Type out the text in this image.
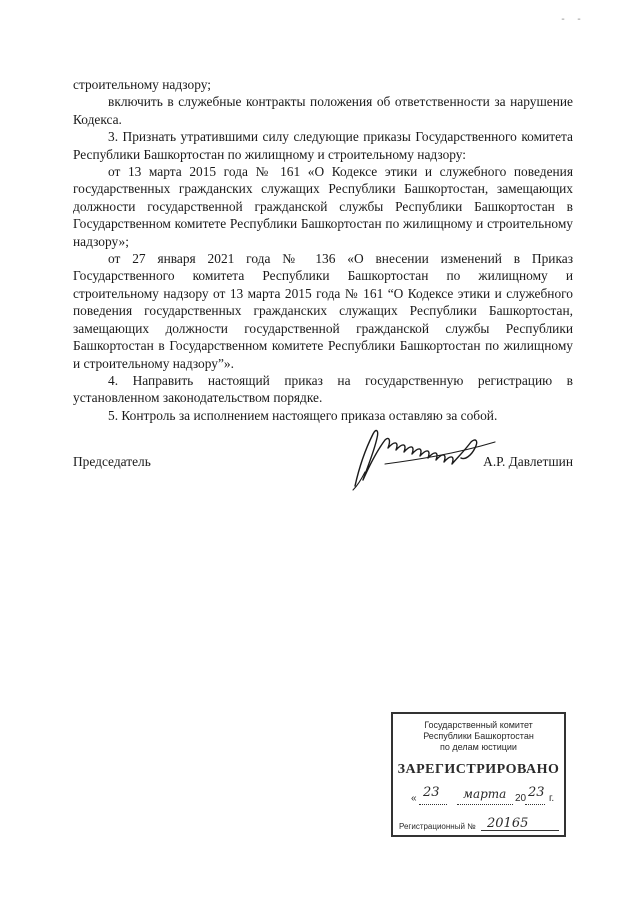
- -

строительному надзору;

включить в служебные контракты положения об ответственности за нарушение Кодекса.

3. Признать утратившими силу следующие приказы Государственного комитета Республики Башкортостан по жилищному и строительному надзору:

от 13 марта 2015 года № 161 «О Кодексе этики и служебного поведения государственных гражданских служащих Республики Башкортостан, замещающих должности государственной гражданской службы Республики Башкортостан в Государственном комитете Республики Башкортостан по жилищному и строительному надзору»;

от 27 января 2021 года № 136 «О внесении изменений в Приказ Государственного комитета Республики Башкортостан по жилищному и строительному надзору от 13 марта 2015 года № 161 “О Кодексе этики и служебного поведения государственных гражданских служащих Республики Башкортостан, замещающих должности государственной гражданской службы Республики Башкортостан в Государственном комитете Республики Башкортостан по жилищному и строительному надзору”».

4. Направить настоящий приказ на государственную регистрацию в установленном законодательством порядке.

5. Контроль за исполнением настоящего приказа оставляю за собой.

Председатель	А.Р. Давлетшин
Государственный комитет
Республики Башкортостан
по делам юстиции
ЗАРЕГИСТРИРОВАНО
« 23 марта 20 23 г.
Регистрационный № 20165
